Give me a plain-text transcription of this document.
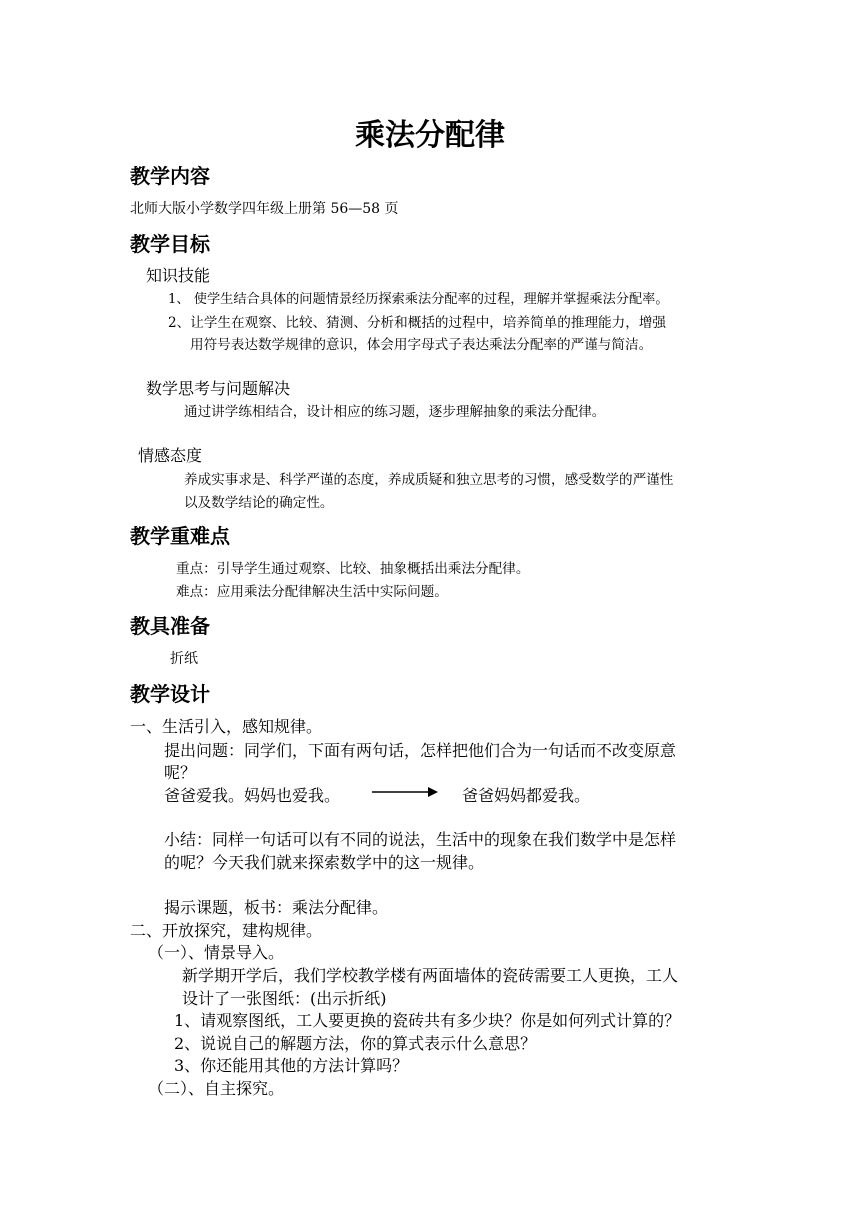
乘法分配律
教学内容
北师大版小学数学四年级上册第 56—58 页
教学目标
知识技能
1、 使学生结合具体的问题情景经历探索乘法分配率的过程，理解并掌握乘法分配率。
2、让学生在观察、比较、猜测、分析和概括的过程中，培养简单的推理能力，增强
用符号表达数学规律的意识，体会用字母式子表达乘法分配率的严谨与简洁。
数学思考与问题解决
通过讲学练相结合，设计相应的练习题，逐步理解抽象的乘法分配律。
情感态度
养成实事求是、科学严谨的态度，养成质疑和独立思考的习惯，感受数学的严谨性
以及数学结论的确定性。
教学重难点
重点：引导学生通过观察、比较、抽象概括出乘法分配律。
难点：应用乘法分配律解决生活中实际问题。
教具准备
折纸
教学设计
一、生活引入，感知规律。
提出问题：同学们，下面有两句话，怎样把他们合为一句话而不改变原意
呢？
爸爸爱我。妈妈也爱我。	爸爸妈妈都爱我。
小结：同样一句话可以有不同的说法，生活中的现象在我们数学中是怎样
的呢？今天我们就来探索数学中的这一规律。
揭示课题，板书：乘法分配律。
二、开放探究，建构规律。
（一）、情景导入。
新学期开学后，我们学校教学楼有两面墙体的瓷砖需要工人更换，工人
设计了一张图纸：(出示折纸)
1、请观察图纸，工人要更换的瓷砖共有多少块？你是如何列式计算的？
2、说说自己的解题方法，你的算式表示什么意思？
3、你还能用其他的方法计算吗？
（二）、自主探究。
